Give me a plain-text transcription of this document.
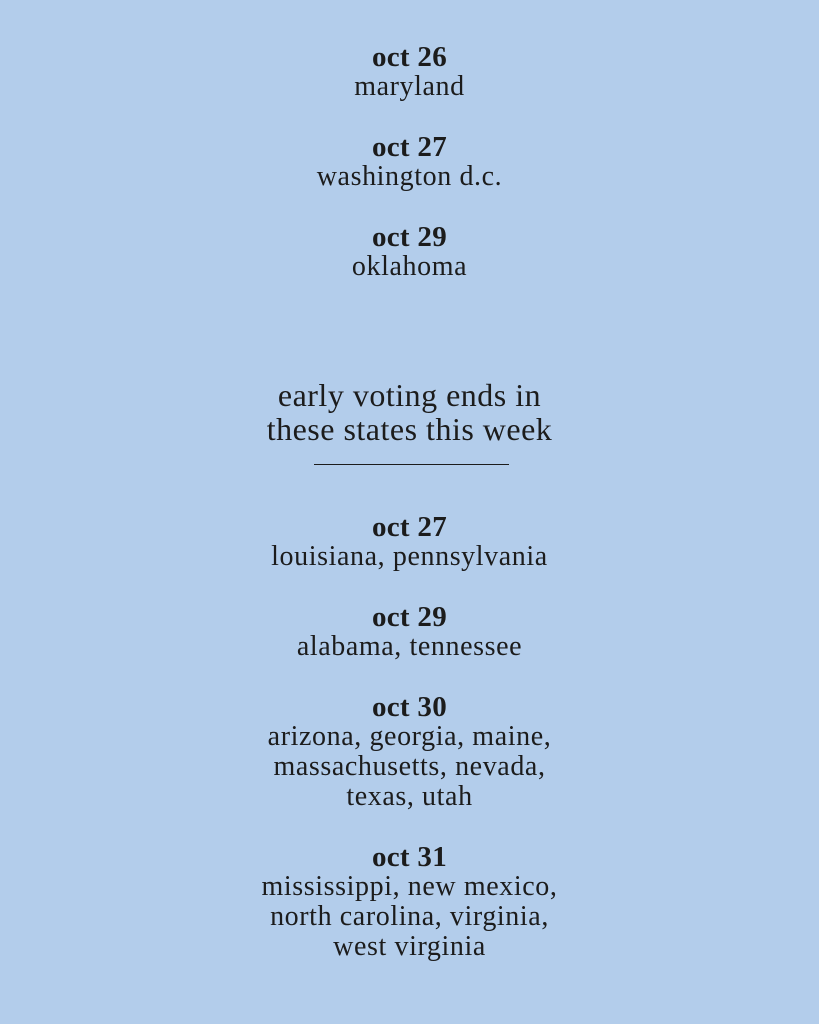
oct 26
maryland
oct 27
washington d.c.
oct 29
oklahoma
early voting ends in
these states this week
oct 27
louisiana, pennsylvania
oct 29
alabama, tennessee
oct 30
arizona, georgia, maine,
massachusetts, nevada,
texas, utah
oct 31
mississippi, new mexico,
north carolina, virginia,
west virginia
